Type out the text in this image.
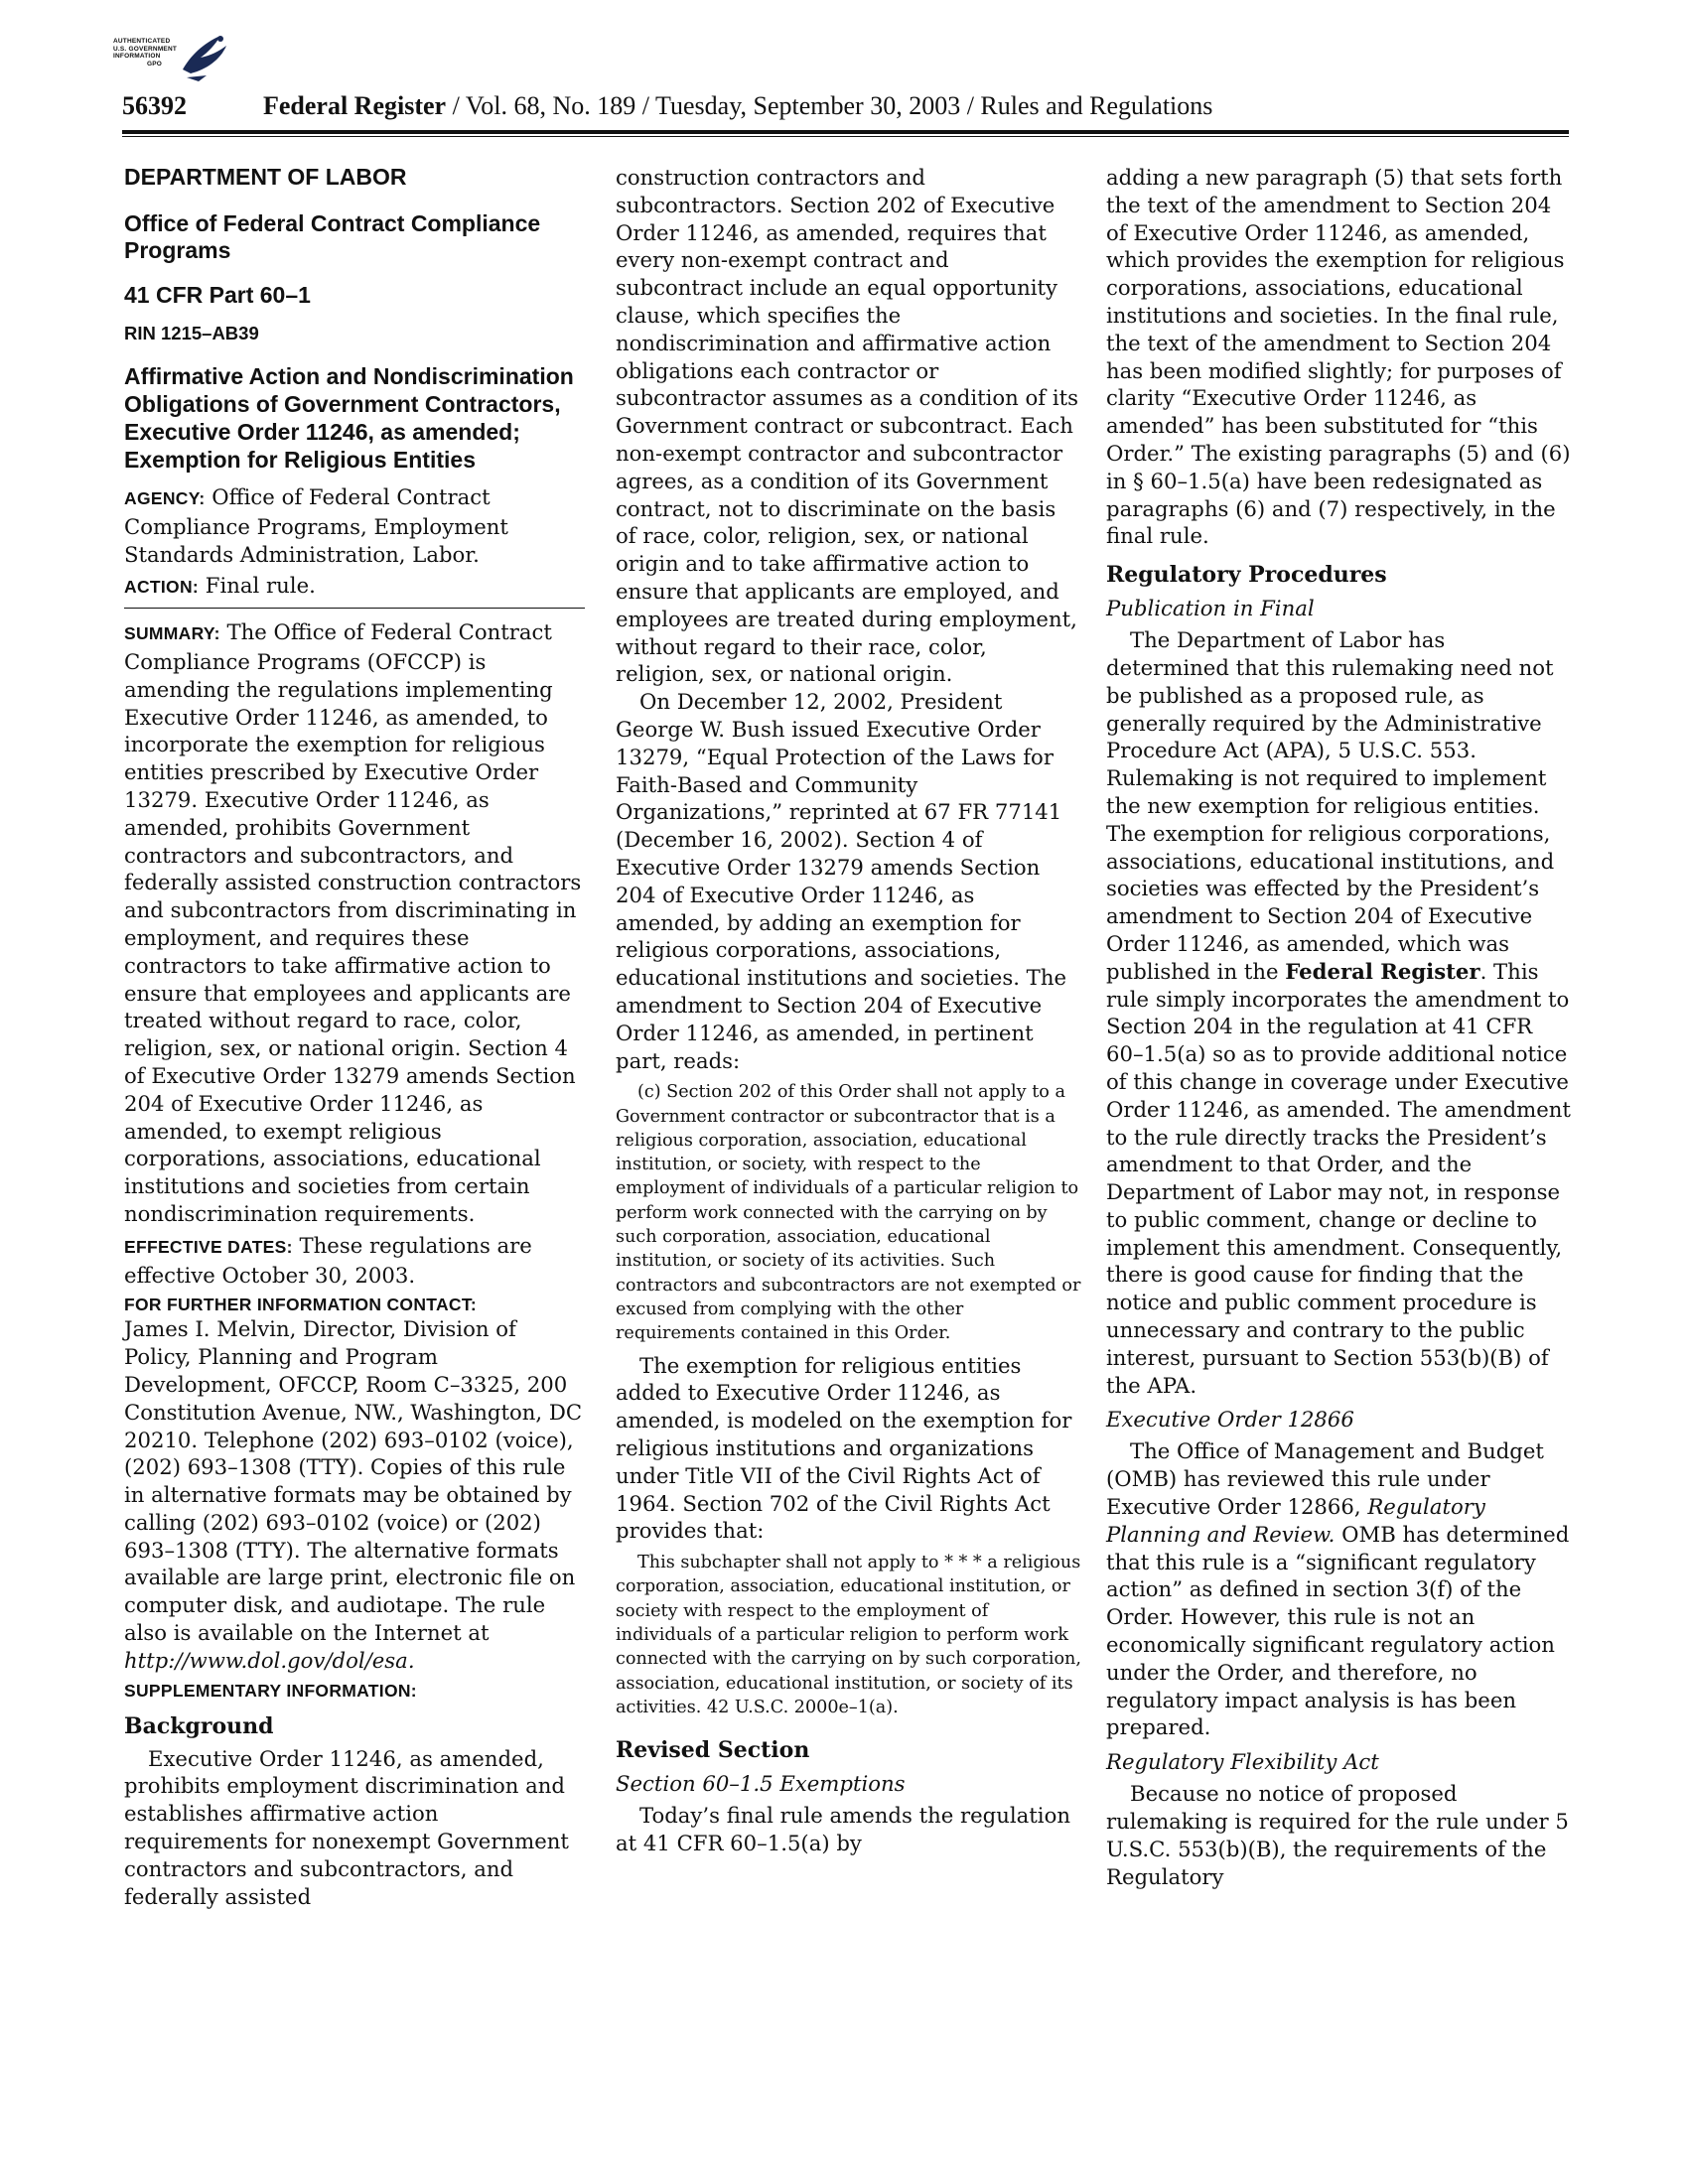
AUTHENTICATED
U.S. GOVERNMENT
INFORMATION
GPO
56392	Federal Register / Vol. 68, No. 189 / Tuesday, September 30, 2003 / Rules and Regulations
DEPARTMENT OF LABOR
Office of Federal Contract Compliance Programs
41 CFR Part 60–1
RIN 1215–AB39
Affirmative Action and Nondiscrimination Obligations of Government Contractors, Executive Order 11246, as amended; Exemption for Religious Entities

AGENCY: Office of Federal Contract Compliance Programs, Employment Standards Administration, Labor.

ACTION: Final rule.

SUMMARY: The Office of Federal Contract Compliance Programs (OFCCP) is amending the regulations implementing Executive Order 11246, as amended, to incorporate the exemption for religious entities prescribed by Executive Order 13279. Executive Order 11246, as amended, prohibits Government contractors and subcontractors, and federally assisted construction contractors and subcontractors from discriminating in employment, and requires these contractors to take affirmative action to ensure that employees and applicants are treated without regard to race, color, religion, sex, or national origin. Section 4 of Executive Order 13279 amends Section 204 of Executive Order 11246, as amended, to exempt religious corporations, associations, educational institutions and societies from certain nondiscrimination requirements.

EFFECTIVE DATES: These regulations are effective October 30, 2003.

FOR FURTHER INFORMATION CONTACT:

James I. Melvin, Director, Division of Policy, Planning and Program Development, OFCCP, Room C–3325, 200 Constitution Avenue, NW., Washington, DC 20210. Telephone (202) 693–0102 (voice), (202) 693–1308 (TTY). Copies of this rule in alternative formats may be obtained by calling (202) 693–0102 (voice) or (202) 693–1308 (TTY). The alternative formats available are large print, electronic file on computer disk, and audiotape. The rule also is available on the Internet at http://www.dol.gov/dol/esa.

SUPPLEMENTARY INFORMATION:
Background

Executive Order 11246, as amended, prohibits employment discrimination and establishes affirmative action requirements for nonexempt Government contractors and subcontractors, and federally assisted

construction contractors and subcontractors. Section 202 of Executive Order 11246, as amended, requires that every non-exempt contract and subcontract include an equal opportunity clause, which specifies the nondiscrimination and affirmative action obligations each contractor or subcontractor assumes as a condition of its Government contract or subcontract. Each non-exempt contractor and subcontractor agrees, as a condition of its Government contract, not to discriminate on the basis of race, color, religion, sex, or national origin and to take affirmative action to ensure that applicants are employed, and employees are treated during employment, without regard to their race, color, religion, sex, or national origin.

On December 12, 2002, President George W. Bush issued Executive Order 13279, “Equal Protection of the Laws for Faith-Based and Community Organizations,” reprinted at 67 FR 77141 (December 16, 2002). Section 4 of Executive Order 13279 amends Section 204 of Executive Order 11246, as amended, by adding an exemption for religious corporations, associations, educational institutions and societies. The amendment to Section 204 of Executive Order 11246, as amended, in pertinent part, reads:

(c) Section 202 of this Order shall not apply to a Government contractor or subcontractor that is a religious corporation, association, educational institution, or society, with respect to the employment of individuals of a particular religion to perform work connected with the carrying on by such corporation, association, educational institution, or society of its activities. Such contractors and subcontractors are not exempted or excused from complying with the other requirements contained in this Order.

The exemption for religious entities added to Executive Order 11246, as amended, is modeled on the exemption for religious institutions and organizations under Title VII of the Civil Rights Act of 1964. Section 702 of the Civil Rights Act provides that:

This subchapter shall not apply to * * * a religious corporation, association, educational institution, or society with respect to the employment of individuals of a particular religion to perform work connected with the carrying on by such corporation, association, educational institution, or society of its activities. 42 U.S.C. 2000e–1(a).

Revised Section
Section 60–1.5 Exemptions

Today’s final rule amends the regulation at 41 CFR 60–1.5(a) by

adding a new paragraph (5) that sets forth the text of the amendment to Section 204 of Executive Order 11246, as amended, which provides the exemption for religious corporations, associations, educational institutions and societies. In the final rule, the text of the amendment to Section 204 has been modified slightly; for purposes of clarity “Executive Order 11246, as amended” has been substituted for “this Order.” The existing paragraphs (5) and (6) in § 60–1.5(a) have been redesignated as paragraphs (6) and (7) respectively, in the final rule.

Regulatory Procedures
Publication in Final

The Department of Labor has determined that this rulemaking need not be published as a proposed rule, as generally required by the Administrative Procedure Act (APA), 5 U.S.C. 553. Rulemaking is not required to implement the new exemption for religious entities. The exemption for religious corporations, associations, educational institutions, and societies was effected by the President’s amendment to Section 204 of Executive Order 11246, as amended, which was published in the Federal Register. This rule simply incorporates the amendment to Section 204 in the regulation at 41 CFR 60–1.5(a) so as to provide additional notice of this change in coverage under Executive Order 11246, as amended. The amendment to the rule directly tracks the President’s amendment to that Order, and the Department of Labor may not, in response to public comment, change or decline to implement this amendment. Consequently, there is good cause for finding that the notice and public comment procedure is unnecessary and contrary to the public interest, pursuant to Section 553(b)(B) of the APA.

Executive Order 12866

The Office of Management and Budget (OMB) has reviewed this rule under Executive Order 12866, Regulatory Planning and Review. OMB has determined that this rule is a “significant regulatory action” as defined in section 3(f) of the Order. However, this rule is not an economically significant regulatory action under the Order, and therefore, no regulatory impact analysis is has been prepared.

Regulatory Flexibility Act

Because no notice of proposed rulemaking is required for the rule under 5 U.S.C. 553(b)(B), the requirements of the Regulatory
